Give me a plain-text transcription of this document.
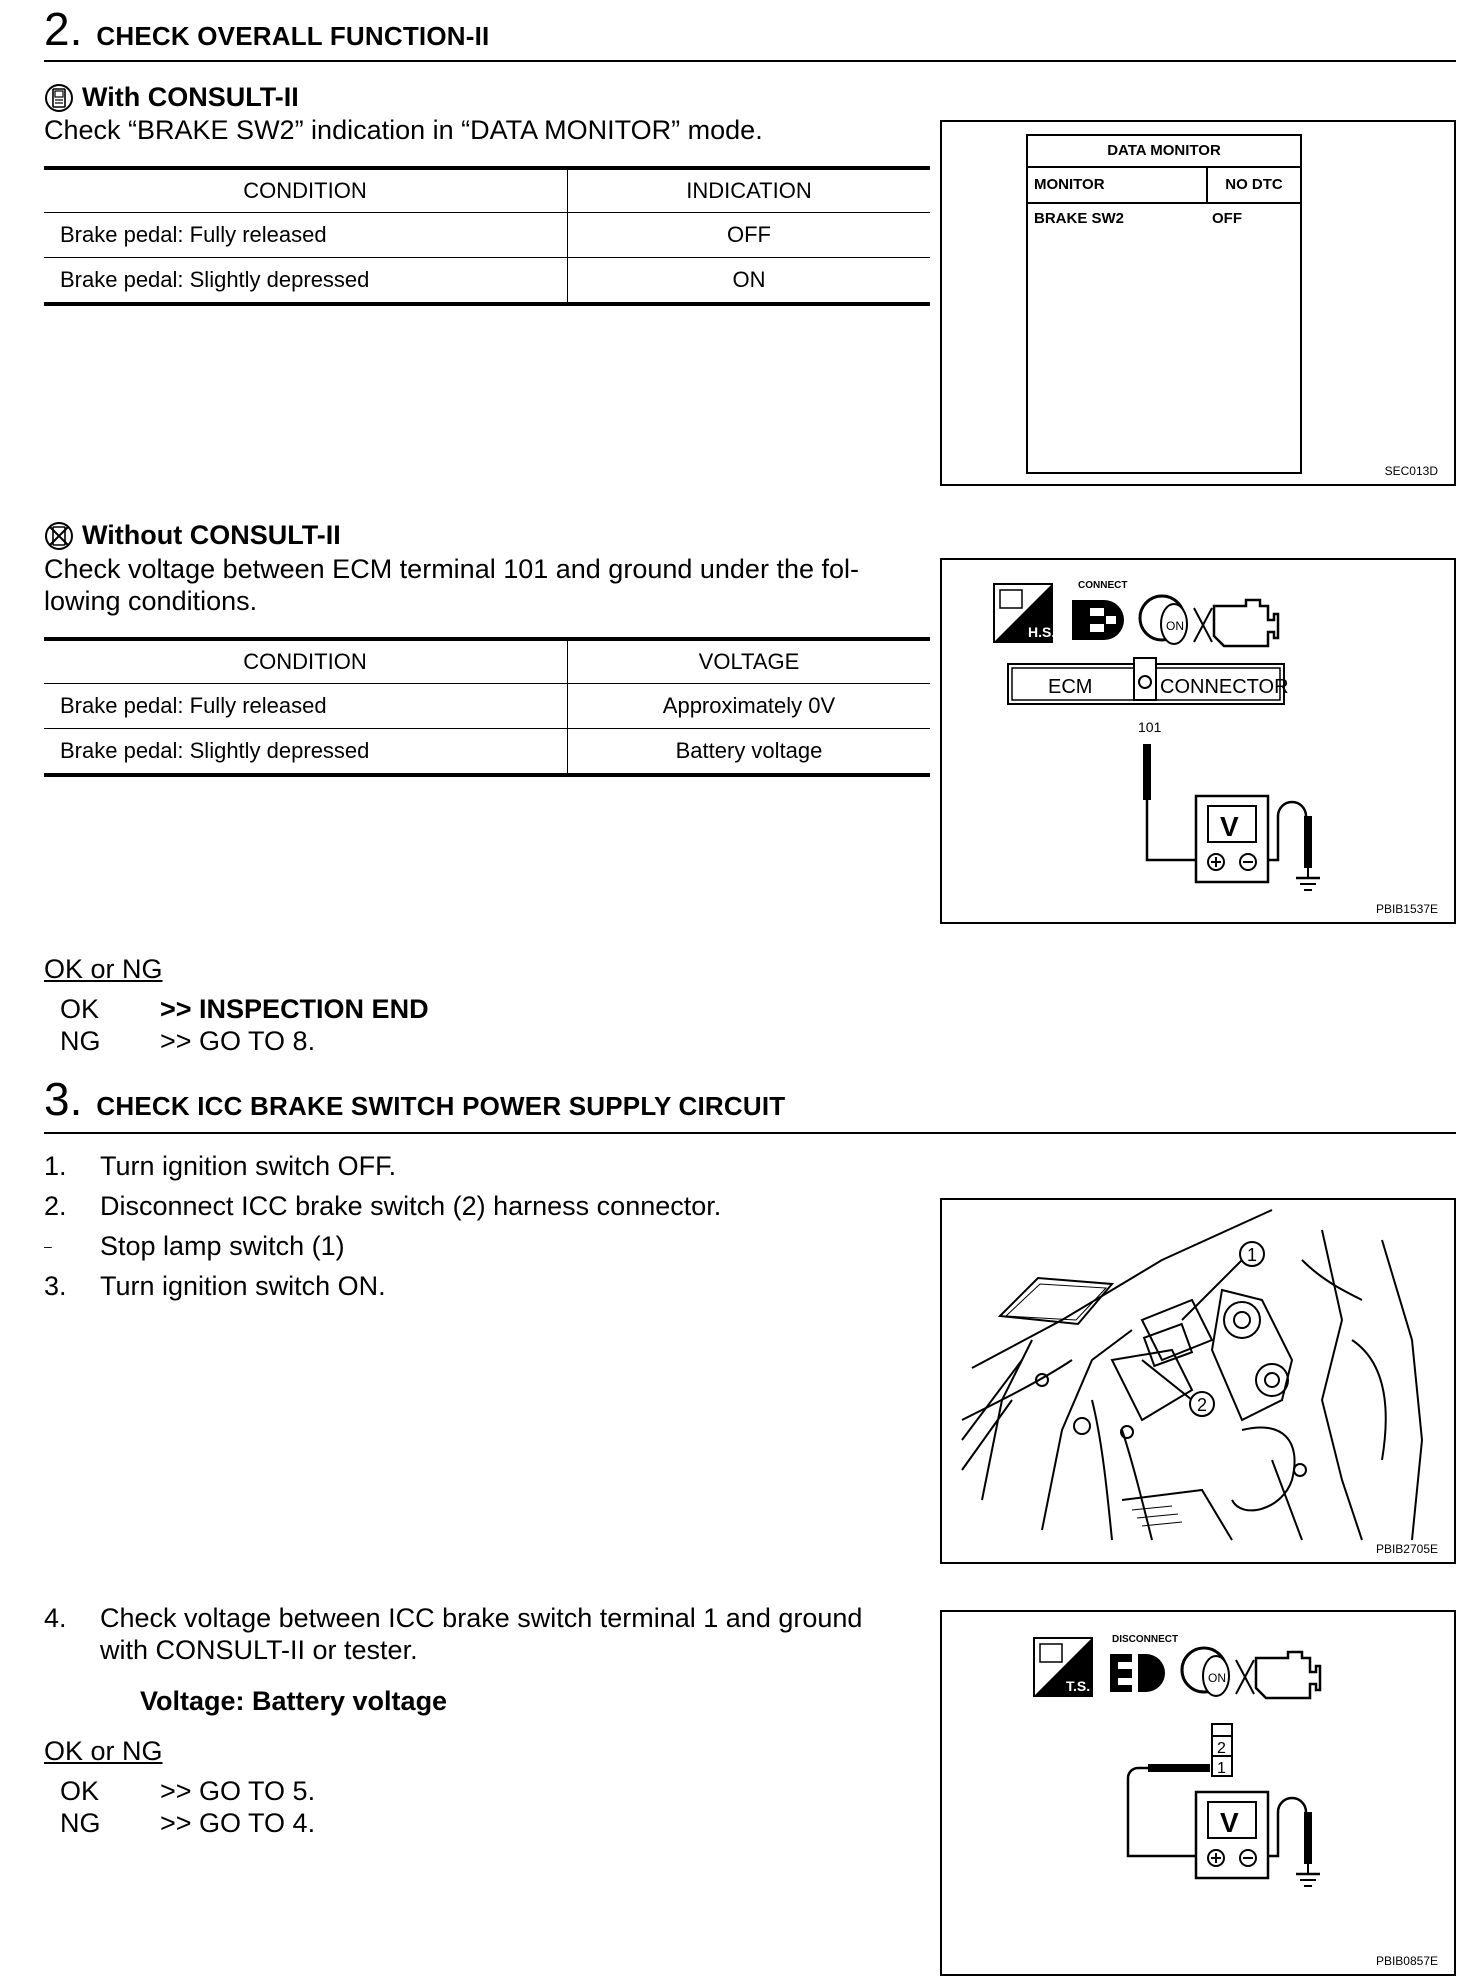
2. CHECK OVERALL FUNCTION-II
With CONSULT-II
Check “BRAKE SW2” indication in “DATA MONITOR” mode.
CONDITION	INDICATION
Brake pedal: Fully released	OFF
Brake pedal: Slightly depressed	ON
DATA MONITOR
MONITOR	NO DTC
BRAKE SW2	OFF
SEC013D
Without CONSULT-II
Check voltage between ECM terminal 101 and ground under the fol-
lowing conditions.
CONDITION	VOLTAGE
Brake pedal: Fully released	Approximately 0V
Brake pedal: Slightly depressed	Battery voltage
H.S.
CONNECT
ON
ECM	CONNECTOR
101
V
PBIB1537E
OK or NG
OK	>> INSPECTION END
NG	>> GO TO 8.
3. CHECK ICC BRAKE SWITCH POWER SUPPLY CIRCUIT
1.	Turn ignition switch OFF.
2.	Disconnect ICC brake switch (2) harness connector.
–	Stop lamp switch (1)
3.	Turn ignition switch ON.
1
2
PBIB2705E
4.	Check voltage between ICC brake switch terminal 1 and ground
with CONSULT-II or tester.
Voltage: Battery voltage
OK or NG
OK	>> GO TO 5.
NG	>> GO TO 4.
T.S.
DISCONNECT
ON
2
1
V
PBIB0857E
